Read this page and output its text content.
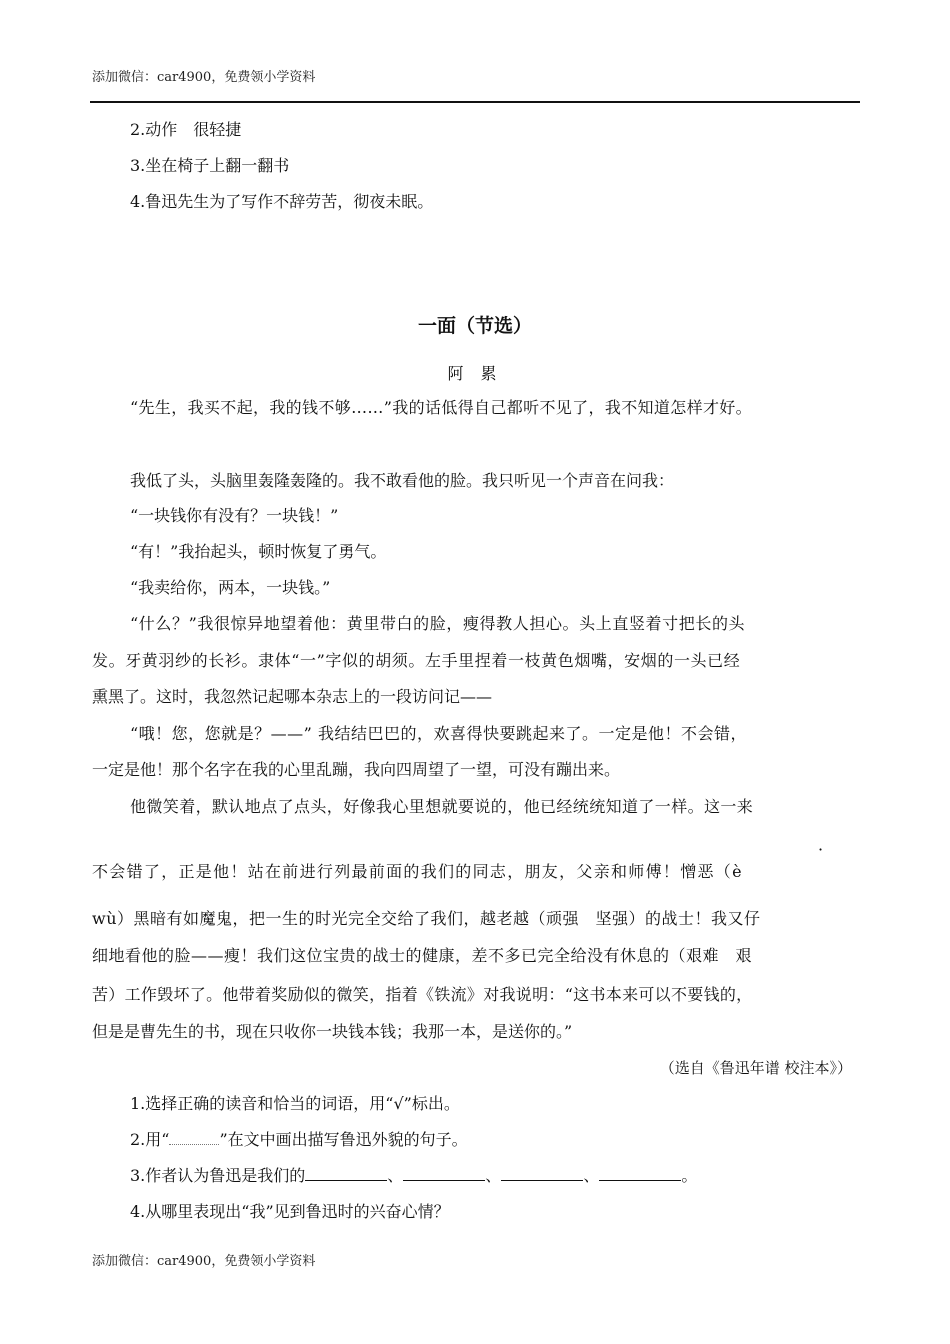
添加微信：car4900，免费领小学资料
2.动作　很轻捷
3.坐在椅子上翻一翻书
4.鲁迅先生为了写作不辞劳苦，彻夜未眠。
一面（节选）
阿 累
“先生，我买不起，我的钱不够……”我的话低得自己都听不见了，我不知道怎样才好。
我低了头，头脑里轰隆轰隆的。我不敢看他的脸。我只听见一个声音在问我：
“一块钱你有没有？一块钱！”
“有！”我抬起头，顿时恢复了勇气。
“我卖给你，两本，一块钱。”
“什么？”我很惊异地望着他：黄里带白的脸，瘦得教人担心。头上直竖着寸把长的头
发。牙黄羽纱的长衫。隶体“一”字似的胡须。左手里捏着一枝黄色烟嘴，安烟的一头已经
熏黑了。这时，我忽然记起哪本杂志上的一段访问记——
“哦！您，您就是？——” 我结结巴巴的，欢喜得快要跳起来了。一定是他！不会错，
一定是他！那个名字在我的心里乱蹦，我向四周望了一望，可没有蹦出来。
他微笑着，默认地点了点头，好像我心里想就要说的，他已经统统知道了一样。这一来
·
不会错了，正是他！站在前进行列最前面的我们的同志，朋友，父亲和师傅！憎恶（è
wù）黑暗有如魔鬼，把一生的时光完全交给了我们，越老越（顽强　坚强）的战士！我又仔
细地看他的脸——瘦！我们这位宝贵的战士的健康，差不多已完全给没有休息的（艰难　艰
苦）工作毁坏了。他带着奖励似的微笑，指着《铁流》对我说明：“这书本来可以不要钱的，
但是是曹先生的书，现在只收你一块钱本钱；我那一本，是送你的。”
（选自《鲁迅年谱 校注本》）
1.选择正确的读音和恰当的词语，用“√”标出。
2.用“	”在文中画出描写鲁迅外貌的句子。
3.作者认为鲁迅是我们的	、	、	、	。
4.从哪里表现出“我”见到鲁迅时的兴奋心情？
添加微信：car4900，免费领小学资料
